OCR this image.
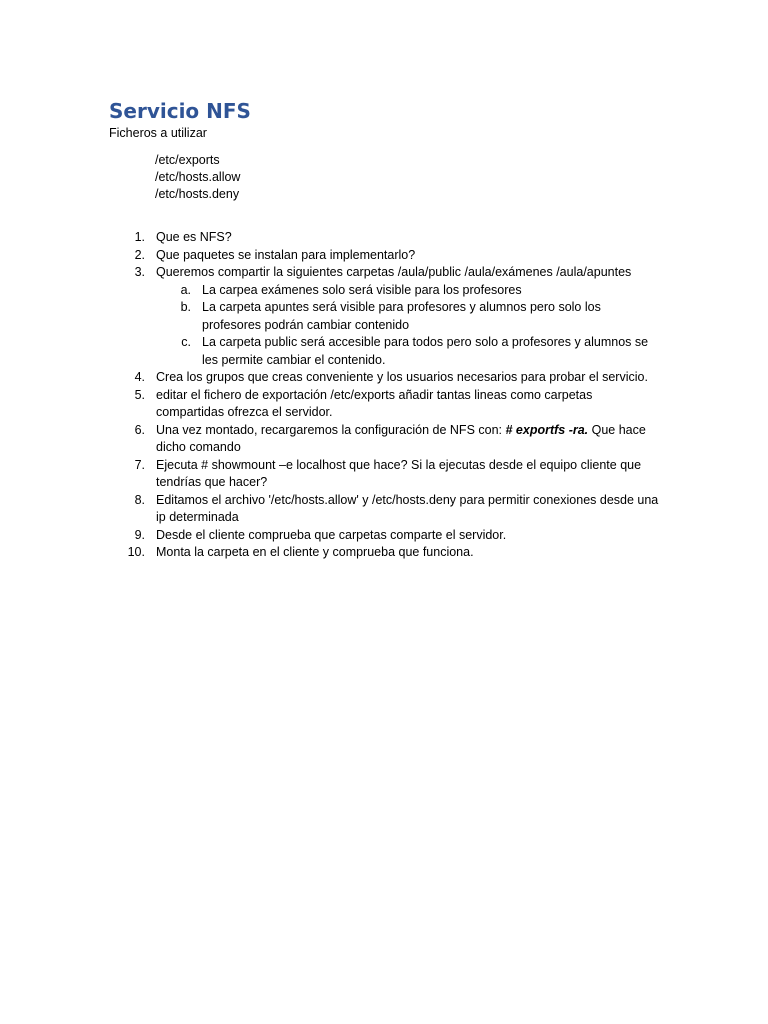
Servicio NFS
Ficheros a utilizar
/etc/exports
/etc/hosts.allow
/etc/hosts.deny
1. Que es NFS?
2. Que paquetes se instalan para implementarlo?
3. Queremos compartir la siguientes carpetas /aula/public /aula/exámenes /aula/apuntes
a. La carpea exámenes solo será visible para los profesores
b. La carpeta apuntes será visible para profesores y alumnos pero solo los profesores podrán cambiar contenido
c. La carpeta public será accesible para todos pero solo a profesores y alumnos se les permite cambiar el contenido.
4. Crea los grupos que creas conveniente y los usuarios necesarios para probar el servicio.
5. editar el fichero de exportación /etc/exports añadir tantas lineas como carpetas compartidas ofrezca el servidor.
6. Una vez montado, recargaremos la configuración de NFS con: # exportfs -ra. Que hace dicho comando
7. Ejecuta # showmount –e localhost que hace? Si la ejecutas desde el equipo cliente que tendrías que hacer?
8. Editamos el archivo '/etc/hosts.allow' y /etc/hosts.deny para permitir conexiones desde una ip determinada
9. Desde el cliente comprueba que carpetas comparte el servidor.
10. Monta la carpeta en el cliente y comprueba que funciona.
